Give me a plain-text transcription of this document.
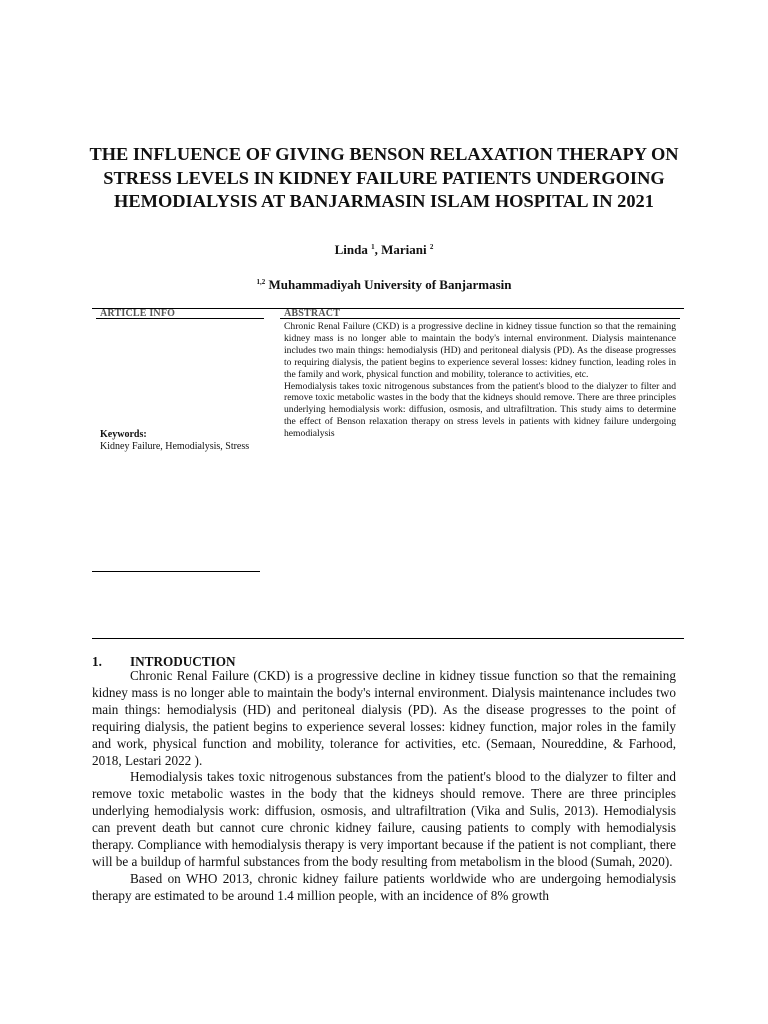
THE INFLUENCE OF GIVING BENSON RELAXATION THERAPY ON STRESS LEVELS IN KIDNEY FAILURE PATIENTS UNDERGOING HEMODIALYSIS AT BANJARMASIN ISLAM HOSPITAL IN 2021
Linda $^1$, Mariani $^2$
$^{1,2}$ Muhammadiyah University of Banjarmasin
ARTICLE INFO	ABSTRACT

Chronic Renal Failure (CKD) is a progressive decline in kidney tissue function so that the remaining kidney mass is no longer able to maintain the body's internal environment. Dialysis maintenance includes two main things: hemodialysis (HD) and peritoneal dialysis (PD). As the disease progresses to requiring dialysis, the patient begins to experience several losses: kidney function, leading roles in the family and work, physical function and mobility, tolerance to activities, etc.

Hemodialysis takes toxic nitrogenous substances from the patient's blood to the dialyzer to filter and remove toxic metabolic wastes in the body that the kidneys should remove. There are three principles underlying hemodialysis work: diffusion, osmosis, and ultrafiltration. This study aims to determine the effect of Benson relaxation therapy on stress levels in patients with kidney failure undergoing hemodialysis

Keywords:
Kidney Failure, Hemodialysis, Stress
1. INTRODUCTION

Chronic Renal Failure (CKD) is a progressive decline in kidney tissue function so that the remaining kidney mass is no longer able to maintain the body's internal environment. Dialysis maintenance includes two main things: hemodialysis (HD) and peritoneal dialysis (PD). As the disease progresses to the point of requiring dialysis, the patient begins to experience several losses: kidney function, major roles in the family and work, physical function and mobility, tolerance for activities, etc. (Semaan, Noureddine, & Farhood, 2018, Lestari 2022 ).

Hemodialysis takes toxic nitrogenous substances from the patient's blood to the dialyzer to filter and remove toxic metabolic wastes in the body that the kidneys should remove. There are three principles underlying hemodialysis work: diffusion, osmosis, and ultrafiltration (Vika and Sulis, 2013). Hemodialysis can prevent death but cannot cure chronic kidney failure, causing patients to comply with hemodialysis therapy. Compliance with hemodialysis therapy is very important because if the patient is not compliant, there will be a buildup of harmful substances from the body resulting from metabolism in the blood (Sumah, 2020).

Based on WHO 2013, chronic kidney failure patients worldwide who are undergoing hemodialysis therapy are estimated to be around 1.4 million people, with an incidence of 8% growth
